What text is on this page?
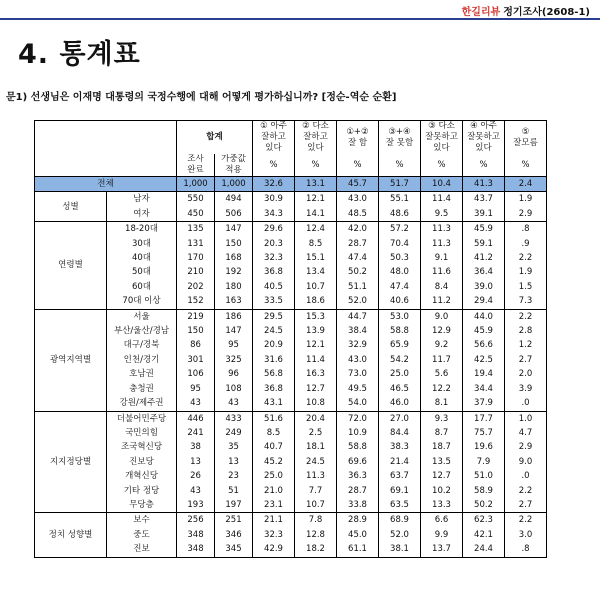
한길리뷰 정기조사(2608-1)
4. 통계표
문1) 선생님은 이재명 대통령의 국정수행에 대해 어떻게 평가하십니까? [정순-역순 순환]
		합계		① 아주
잘하고
있다	② 다소
잘하고
있다	①+②
잘 함	③+④
잘 못함	③ 다소
잘못하고
있다	④ 아주
잘못하고
있다	⑤
잘모름
		조사
완료	가중값
적용	%	%	%	%	%	%	%
전체		1,000	1,000	32.6	13.1	45.7	51.7	10.4	41.3	2.4
성별	남자	550	494	30.9	12.1	43.0	55.1	11.4	43.7	1.9
	여자	450	506	34.3	14.1	48.5	48.6	9.5	39.1	2.9
연령별	18-20대	135	147	29.6	12.4	42.0	57.2	11.3	45.9	.8
	30대	131	150	20.3	8.5	28.7	70.4	11.3	59.1	.9
	40대	170	168	32.3	15.1	47.4	50.3	9.1	41.2	2.2
	50대	210	192	36.8	13.4	50.2	48.0	11.6	36.4	1.9
	60대	202	180	40.5	10.7	51.1	47.4	8.4	39.0	1.5
	70대 이상	152	163	33.5	18.6	52.0	40.6	11.2	29.4	7.3
광역지역별	서울	219	186	29.5	15.3	44.7	53.0	9.0	44.0	2.2
	부산/울산/경남	150	147	24.5	13.9	38.4	58.8	12.9	45.9	2.8
	대구/경북	86	95	20.9	12.1	32.9	65.9	9.2	56.6	1.2
	인천/경기	301	325	31.6	11.4	43.0	54.2	11.7	42.5	2.7
	호남권	106	96	56.8	16.3	73.0	25.0	5.6	19.4	2.0
	충청권	95	108	36.8	12.7	49.5	46.5	12.2	34.4	3.9
	강원/제주권	43	43	43.1	10.8	54.0	46.0	8.1	37.9	.0
지지정당별	더불어민주당	446	433	51.6	20.4	72.0	27.0	9.3	17.7	1.0
	국민의힘	241	249	8.5	2.5	10.9	84.4	8.7	75.7	4.7
	조국혁신당	38	35	40.7	18.1	58.8	38.3	18.7	19.6	2.9
	진보당	13	13	45.2	24.5	69.6	21.4	13.5	7.9	9.0
	개혁신당	26	23	25.0	11.3	36.3	63.7	12.7	51.0	.0
	기타 정당	43	51	21.0	7.7	28.7	69.1	10.2	58.9	2.2
	무당층	193	197	23.1	10.7	33.8	63.5	13.3	50.2	2.7
정치 성향별	보수	256	251	21.1	7.8	28.9	68.9	6.6	62.3	2.2
	중도	348	346	32.3	12.8	45.0	52.0	9.9	42.1	3.0
	진보	348	345	42.9	18.2	61.1	38.1	13.7	24.4	.8
